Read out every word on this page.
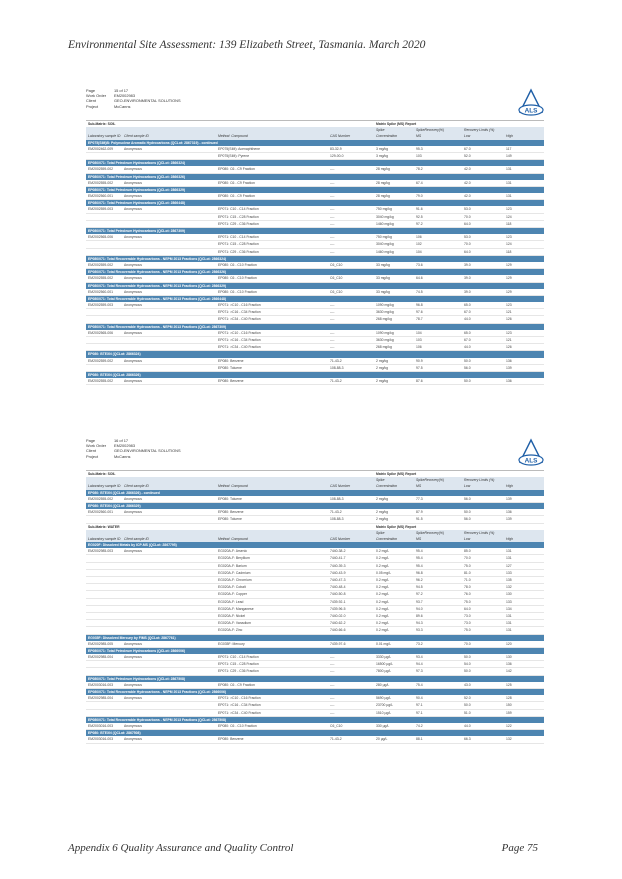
Environmental Site Assessment: 139 Elizabeth Street, Tasmania. March 2020
Page	15 of 17
Work Order	EM2002983
Client	GEO-ENVIRONMENTAL SOLUTIONS
Project	McCanns
ALS
Sub-Matrix: SOIL	Matrix Spike (MS) Report
Spike	SpikeRecovery(%)	Recovery Limits (%)
Laboratory sample ID Client sample ID	Method: Compound	CAS Number	Concentration	MS	Low	High
EP075(SIM)B: Polynuclear Aromatic Hydrocarbons (QCLot: 2867319) - continued
EM2002462-009	Anonymous	EP075(SIM): Acenaphthene	83-32-9	3 mg/kg	95.3	67.0	117
EP075(SIM): Pyrene	129-00-0	3 mg/kg	103	52.0	149
EP080/071: Total Petroleum Hydrocarbons (QCLot: 2866324)
EM2002559-002	Anonymous	EP080: C6 - C9 Fraction	----	28 mg/kg	78.2	42.0	131
EP080/071: Total Petroleum Hydrocarbons (QCLot: 2866326)
EM2002555-002	Anonymous	EP080: C6 - C9 Fraction	----	28 mg/kg	67.4	42.0	131
EP080/071: Total Petroleum Hydrocarbons (QCLot: 2866329)
EM2002560-001	Anonymous	EP080: C6 - C9 Fraction	----	28 mg/kg	79.0	42.0	131
EP080/071: Total Petroleum Hydrocarbons (QCLot: 2866448)
EM2002559-003	Anonymous	EP071: C10 - C14 Fraction	----	750 mg/kg	91.6	53.0	123
EP071: C15 - C28 Fraction	----	3040 mg/kg	92.5	70.0	124
EP071: C29 - C36 Fraction	----	1460 mg/kg	97.2	64.0	118
EP080/071: Total Petroleum Hydrocarbons (QCLot: 2867309)
EM2002565-006	Anonymous	EP071: C10 - C14 Fraction	----	750 mg/kg	106	53.0	123
EP071: C15 - C28 Fraction	----	3040 mg/kg	102	70.0	124
EP071: C29 - C36 Fraction	----	1460 mg/kg	104	64.0	118
EP080/071: Total Recoverable Hydrocarbons - NEPM 2013 Fractions (QCLot: 2866324)
EM2002559-002	Anonymous	EP080: C6 - C10 Fraction	C6_C10	33 mg/kg	73.6	39.0	129
EP080/071: Total Recoverable Hydrocarbons - NEPM 2013 Fractions (QCLot: 2866326)
EM2002555-002	Anonymous	EP080: C6 - C10 Fraction	C6_C10	33 mg/kg	64.6	39.0	129
EP080/071: Total Recoverable Hydrocarbons - NEPM 2013 Fractions (QCLot: 2866329)
EM2002560-001	Anonymous	EP080: C6 - C10 Fraction	C6_C10	33 mg/kg	74.5	39.0	129
EP080/071: Total Recoverable Hydrocarbons - NEPM 2013 Fractions (QCLot: 2866448)
EM2002559-003	Anonymous	EP071: >C10 - C16 Fraction	----	1090 mg/kg	96.8	65.0	123
EP071: >C16 - C34 Fraction	----	3630 mg/kg	97.6	67.0	121
EP071: >C34 - C40 Fraction	----	268 mg/kg	78.7	44.0	126
EP080/071: Total Recoverable Hydrocarbons - NEPM 2013 Fractions (QCLot: 2867309)
EM2002565-006	Anonymous	EP071: >C10 - C16 Fraction	----	1090 mg/kg	104	65.0	123
EP071: >C16 - C34 Fraction	----	3630 mg/kg	103	67.0	121
EP071: >C34 - C40 Fraction	----	268 mg/kg	106	44.0	126
EP080: BTEXN (QCLot: 2866324)
EM2002559-002	Anonymous	EP080: Benzene	71-43-2	2 mg/kg	90.9	50.0	136
EP080: Toluene	108-88-3	2 mg/kg	97.5	56.0	139
EP080: BTEXN (QCLot: 2866326)
EM2002555-002	Anonymous	EP080: Benzene	71-43-2	2 mg/kg	87.6	50.0	136
Page	16 of 17
Work Order	EM2002983
Client	GEO-ENVIRONMENTAL SOLUTIONS
Project	McCanns
ALS
Sub-Matrix: SOIL	Matrix Spike (MS) Report
Spike	SpikeRecovery(%)	Recovery Limits (%)
Laboratory sample ID Client sample ID	Method: Compound	CAS Number	Concentration	MS	Low	High
EP080: BTEXN (QCLot: 2866326) - continued
EM2002555-002	Anonymous	EP080: Toluene	108-88-3	2 mg/kg	77.3	56.0	139
EP080: BTEXN (QCLot: 2866329)
EM2002560-001	Anonymous	EP080: Benzene	71-43-2	2 mg/kg	87.9	50.0	136
EP080: Toluene	108-88-3	2 mg/kg	91.5	56.0	139
Sub-Matrix: WATER	Matrix Spike (MS) Report
Spike	SpikeRecovery(%)	Recovery Limits (%)
Laboratory sample ID Client sample ID	Method: Compound	CAS Number	Concentration	MS	Low	High
EG020F: Dissolved Metals by ICP-MS (QCLot: 2867795)
EM2002985-003	Anonymous	EG020A-F: Arsenic	7440-38-2	0.2 mg/L	95.4	85.0	131
EG020A-F: Beryllium	7440-41-7	0.2 mg/L	95.4	70.0	131
EG020A-F: Barium	7440-39-3	0.2 mg/L	95.4	75.0	127
EG020A-F: Cadmium	7440-43-9	0.05 mg/L	96.8	81.0	133
EG020A-F: Chromium	7440-47-3	0.2 mg/L	96.2	71.0	135
EG020A-F: Cobalt	7440-48-4	0.2 mg/L	94.5	78.0	132
EG020A-F: Copper	7440-50-8	0.2 mg/L	97.2	76.0	130
EG020A-F: Lead	7439-92-1	0.2 mg/L	93.7	75.0	133
EG020A-F: Manganese	7439-96-5	0.2 mg/L	94.0	64.0	134
EG020A-F: Nickel	7440-02-0	0.2 mg/L	89.6	73.0	131
EG020A-F: Vanadium	7440-62-2	0.2 mg/L	94.3	73.0	131
EG020A-F: Zinc	7440-66-6	0.2 mg/L	93.3	75.0	131
EG035F: Dissolved Mercury by FIMS (QCLot: 2867761)
EM2002985-005	Anonymous	EG035F: Mercury	7439-97-6	0.01 mg/L	73.2	70.0	120
EP080/071: Total Petroleum Hydrocarbons (QCLot: 2866006)
EM2002985-004	Anonymous	EP071: C10 - C14 Fraction	----	3330 µg/L	93.4	50.0	130
EP071: C15 - C28 Fraction	----	16500 µg/L	94.4	54.0	136
EP071: C29 - C36 Fraction	----	7800 µg/L	97.3	50.0	142
EP080/071: Total Petroleum Hydrocarbons (QCLot: 2867508)
EM2003016-003	Anonymous	EP080: C6 - C9 Fraction	----	280 µg/L	75.4	43.0	125
EP080/071: Total Recoverable Hydrocarbons - NEPM 2013 Fractions (QCLot: 2866006)
EM2002985-004	Anonymous	EP071: >C10 - C16 Fraction	----	5690 µg/L	90.4	52.0	128
EP071: >C16 - C34 Fraction	----	23700 µg/L	97.1	50.0	150
EP071: >C34 - C40 Fraction	----	1510 µg/L	97.1	51.0	159
EP080/071: Total Recoverable Hydrocarbons - NEPM 2013 Fractions (QCLot: 2867508)
EM2003016-003	Anonymous	EP080: C6 - C10 Fraction	C6_C10	330 µg/L	74.2	44.0	122
EP080: BTEXN (QCLot: 2867508)
EM2003016-003	Anonymous	EP080: Benzene	71-43-2	20 µg/L	88.1	66.3	132
Appendix 6 Quality Assurance and Quality Control	Page 75
